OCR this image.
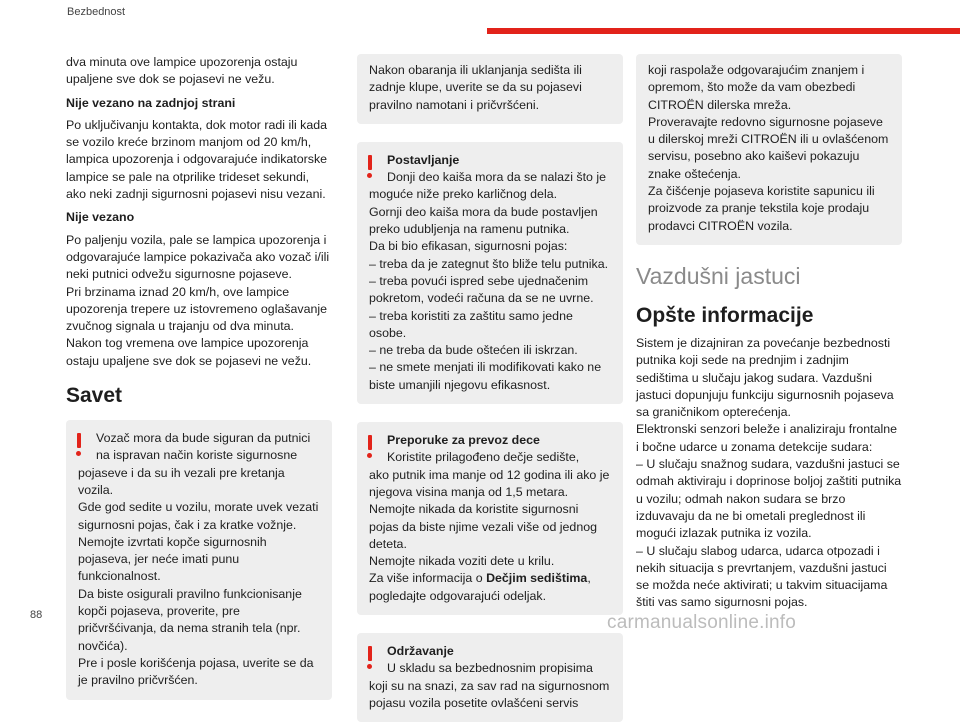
Bezbednost

dva minuta ove lampice upozorenja ostaju upaljene sve dok se pojasevi ne vežu.

Nije vezano na zadnjoj strani

Po uključivanju kontakta, dok motor radi ili kada se vozilo kreće brzinom manjom od 20 km/h, lampica upozorenja i odgovarajuće indikatorske lampice se pale na otprilike trideset sekundi, ako neki zadnji sigurnosni pojasevi nisu vezani.

Nije vezano

Po paljenju vozila, pale se lampica upozorenja i odgovarajuće lampice pokazivača ako vozač i/ili neki putnici odvežu sigurnosne pojaseve.
Pri brzinama iznad 20 km/h, ove lampice upozorenja trepere uz istovremeno oglašavanje zvučnog signala u trajanju od dva minuta. Nakon tog vremena ove lampice upozorenja ostaju upaljene sve dok se pojasevi ne vežu.

Savet
Vozač mora da bude siguran da putnici na ispravan način koriste sigurnosne
pojaseve i da su ih vezali pre kretanja vozila.
Gde god sedite u vozilu, morate uvek vezati sigurnosni pojas, čak i za kratke vožnje.
Nemojte izvrtati kopče sigurnosnih pojaseva, jer neće imati punu funkcionalnost.
Da biste osigurali pravilno funkcionisanje kopči pojaseva, proverite, pre pričvršćivanja, da nema stranih tela (npr. novčića).
Pre i posle korišćenja pojasa, uverite se da je pravilno pričvršćen.
Nakon obaranja ili uklanjanja sedišta ili zadnje klupe, uverite se da su pojasevi pravilno namotani i pričvršćeni.
Postavljanje
Donji deo kaiša mora da se nalazi što je
moguće niže preko karličnog dela.
Gornji deo kaiša mora da bude postavljen preko udubljenja na ramenu putnika.
Da bi bio efikasan, sigurnosni pojas:
– treba da je zategnut što bliže telu putnika.
– treba povući ispred sebe ujednačenim pokretom, vodeći računa da se ne uvrne.
– treba koristiti za zaštitu samo jedne osobe.
– ne treba da bude oštećen ili iskrzan.
– ne smete menjati ili modifikovati kako ne biste umanjili njegovu efikasnost.
Preporuke za prevoz dece
Koristite prilagođeno dečje sedište,
ako putnik ima manje od 12 godina ili ako je njegova visina manja od 1,5 metara.
Nemojte nikada da koristite sigurnosni pojas da biste njime vezali više od jednog deteta.
Nemojte nikada voziti dete u krilu.
Za više informacija o Dečjim sedištima, pogledajte odgovarajući odeljak.
Održavanje
U skladu sa bezbednosnim propisima
koji su na snazi, za sav rad na sigurnosnom pojasu vozila posetite ovlašćeni servis
koji raspolaže odgovarajućim znanjem i opremom, što može da vam obezbedi CITROËN dilerska mreža.
Proveravajte redovno sigurnosne pojaseve u dilerskoj mreži CITROËN ili u ovlašćenom servisu, posebno ako kaiševi pokazuju znake oštećenja.
Za čišćenje pojaseva koristite sapunicu ili proizvode za pranje tekstila koje prodaju prodavci CITROËN vozila.
Vazdušni jastuci
Opšte informacije

Sistem je dizajniran za povećanje bezbednosti putnika koji sede na prednjim i zadnjim sedištima u slučaju jakog sudara. Vazdušni jastuci dopunjuju funkciju sigurnosnih pojaseva sa graničnikom opterećenja.
Elektronski senzori beleže i analiziraju frontalne i bočne udarce u zonama detekcije sudara:
– U slučaju snažnog sudara, vazdušni jastuci se odmah aktiviraju i doprinose boljoj zaštiti putnika u vozilu; odmah nakon sudara se brzo izduvavaju da ne bi ometali preglednost ili mogući izlazak putnika iz vozila.
– U slučaju slabog udarca, udarca otpozadi i nekih situacija s prevrtanjem, vazdušni jastuci se možda neće aktivirati; u takvim situacijama štiti vas samo sigurnosni pojas.

88	carmanualsonline.info
